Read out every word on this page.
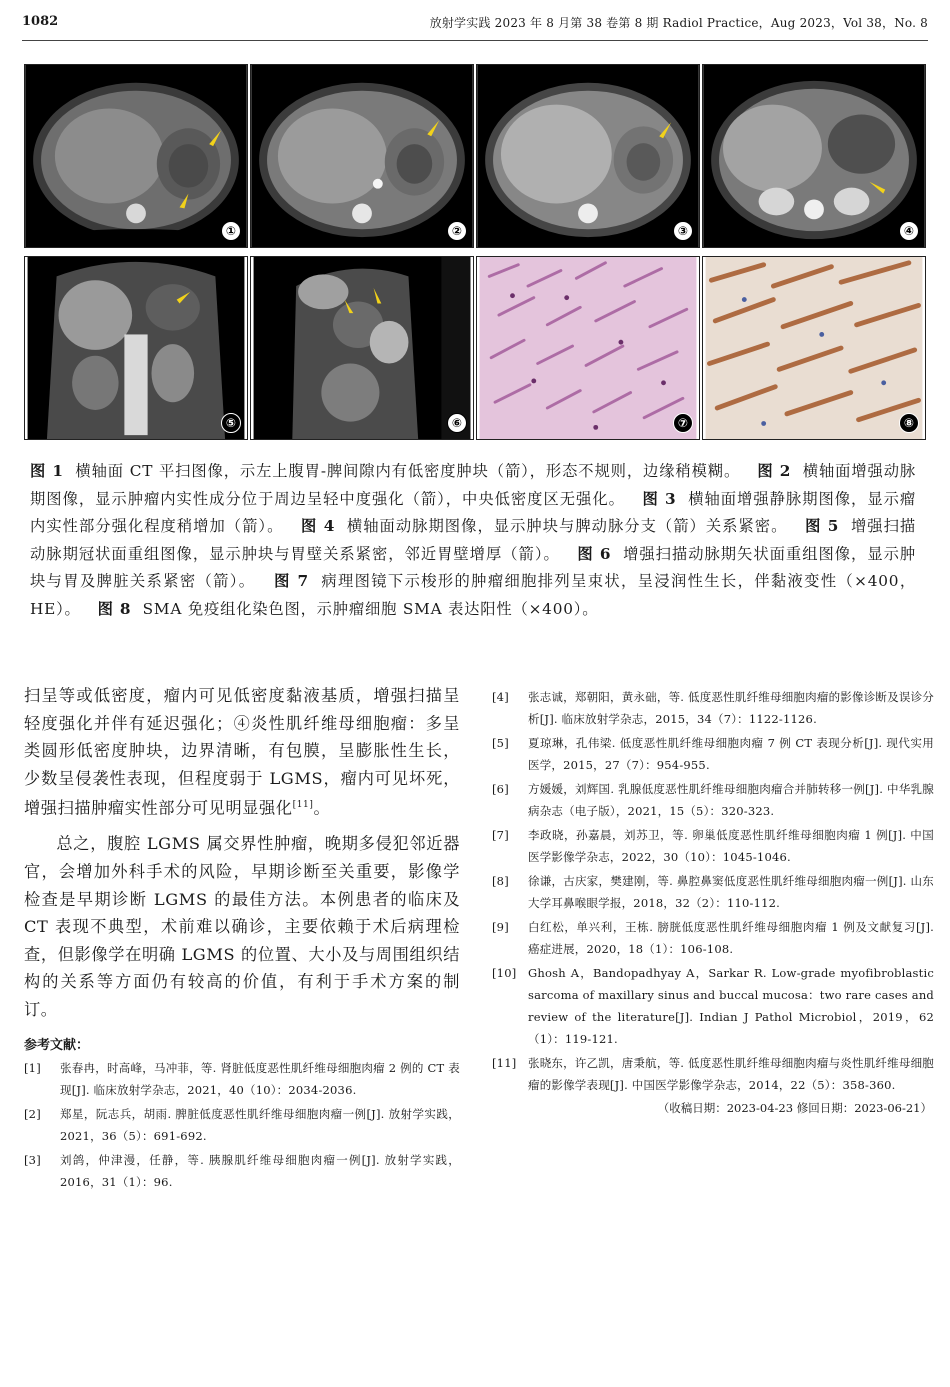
1082	放射学实践 2023 年 8 月第 38 卷第 8 期 Radiol Practice，Aug 2023，Vol 38，No. 8
①	②	③	④
⑤	⑥	⑦	⑧
图 1 横轴面 CT 平扫图像，示左上腹胃-脾间隙内有低密度肿块（箭），形态不规则，边缘稍模糊。 图 2 横轴面增强动脉期图像，显示肿瘤内实性成分位于周边呈轻中度强化（箭），中央低密度区无强化。 图 3 横轴面增强静脉期图像，显示瘤内实性部分强化程度稍增加（箭）。 图 4 横轴面动脉期图像，显示肿块与脾动脉分支（箭）关系紧密。 图 5 增强扫描动脉期冠状面重组图像，显示肿块与胃壁关系紧密，邻近胃壁增厚（箭）。 图 6 增强扫描动脉期矢状面重组图像，显示肿块与胃及脾脏关系紧密（箭）。 图 7 病理图镜下示梭形的肿瘤细胞排列呈束状，呈浸润性生长，伴黏液变性（×400，HE）。 图 8 SMA 免疫组化染色图，示肿瘤细胞 SMA 表达阳性（×400）。

扫呈等或低密度，瘤内可见低密度黏液基质，增强扫描呈轻度强化并伴有延迟强化；④炎性肌纤维母细胞瘤：多呈类圆形低密度肿块，边界清晰，有包膜，呈膨胀性生长，少数呈侵袭性表现，但程度弱于 LGMS，瘤内可见坏死，增强扫描肿瘤实性部分可见明显强化[11]。

总之，腹腔 LGMS 属交界性肿瘤，晚期多侵犯邻近器官，会增加外科手术的风险，早期诊断至关重要，影像学检查是早期诊断 LGMS 的最佳方法。本例患者的临床及 CT 表现不典型，术前难以确诊，主要依赖于术后病理检查，但影像学在明确 LGMS 的位置、大小及与周围组织结构的关系等方面仍有较高的价值，有利于手术方案的制订。

参考文献：
[1]	张春冉，时高峰，马冲菲，等. 肾脏低度恶性肌纤维母细胞肉瘤 2 例的 CT 表现[J]. 临床放射学杂志，2021，40（10）：2034-2036.
[2]	郑星，阮志兵，胡雨. 脾脏低度恶性肌纤维母细胞肉瘤一例[J]. 放射学实践，2021，36（5）：691-692.
[3]	刘鸽，仲津漫，任静，等. 胰腺肌纤维母细胞肉瘤一例[J]. 放射学实践，2016，31（1）：96.
[4]	张志诚，郑朝阳，黄永础，等. 低度恶性肌纤维母细胞肉瘤的影像诊断及误诊分析[J]. 临床放射学杂志，2015，34（7）：1122-1126.
[5]	夏琼琳，孔伟梁. 低度恶性肌纤维母细胞肉瘤 7 例 CT 表现分析[J]. 现代实用医学，2015，27（7）：954-955.
[6]	方媛媛，刘辉国. 乳腺低度恶性肌纤维母细胞肉瘤合并肺转移一例[J]. 中华乳腺病杂志（电子版），2021，15（5）：320-323.
[7]	李政晓，孙嘉晨，刘苏卫，等. 卵巢低度恶性肌纤维母细胞肉瘤 1 例[J]. 中国医学影像学杂志，2022，30（10）：1045-1046.
[8]	徐谦，古庆家，樊建刚，等. 鼻腔鼻窦低度恶性肌纤维母细胞肉瘤一例[J]. 山东大学耳鼻喉眼学报，2018，32（2）：110-112.
[9]	白红松，单兴利，王栋. 膀胱低度恶性肌纤维母细胞肉瘤 1 例及文献复习[J]. 癌症进展，2020，18（1）：106-108.
[10]	Ghosh A，Bandopadhyay A，Sarkar R. Low-grade myofibroblastic sarcoma of maxillary sinus and buccal mucosa：two rare cases and review of the literature[J]. Indian J Pathol Microbiol，2019，62（1）：119-121.
[11]	张晓东，许乙凯，唐秉航，等. 低度恶性肌纤维母细胞肉瘤与炎性肌纤维母细胞瘤的影像学表现[J]. 中国医学影像学杂志，2014，22（5）：358-360.
（收稿日期：2023-04-23 修回日期：2023-06-21）
